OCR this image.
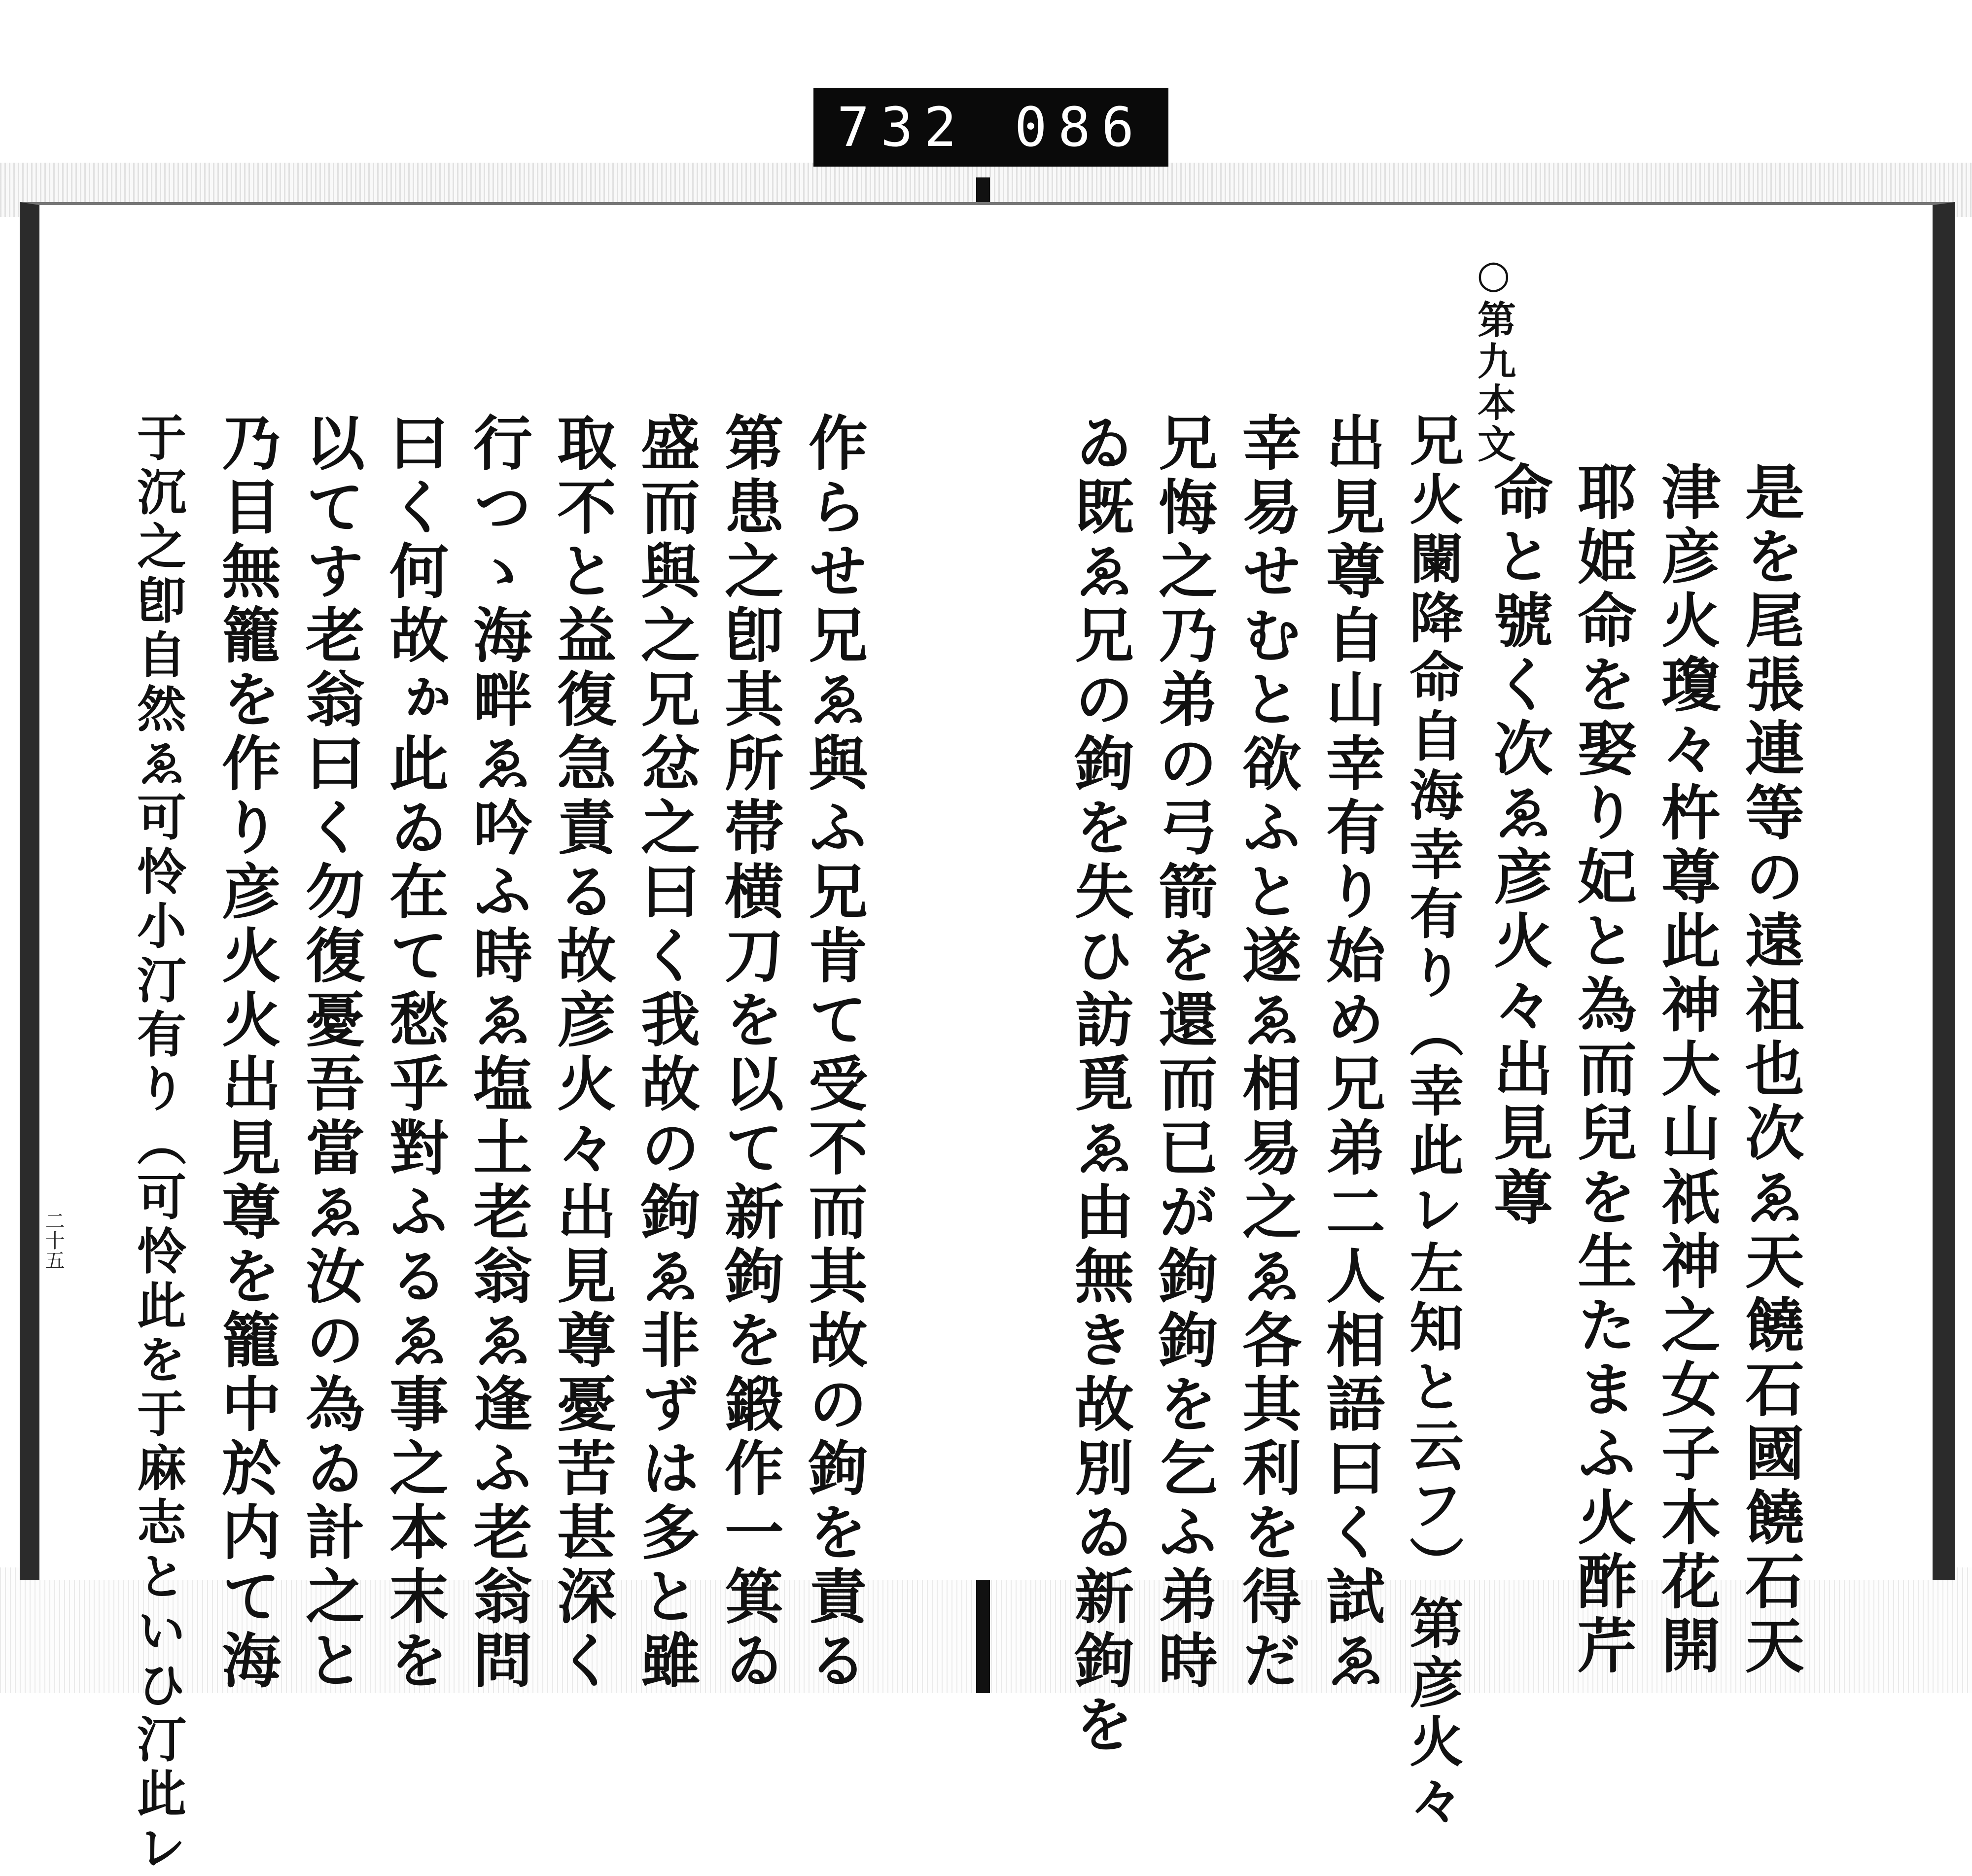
732 086
二十五	作らせ兄ゑ與ふ兄肯て受不而其故の鉤を責る
第患之卽其所帯横刀を以て新鉤を鍛作一箕ゐ
盛而與之兄忿之曰く我故の鉤ゑ非ずは多と雖
取不と益復急責る故彦火々出見尊憂苦甚深く
行つゝ海畔ゑ吟ふ時ゑ塩土老翁ゑ逢ふ老翁問
曰く何故ゕ此ゐ在て愁乎對ふるゑ事之本末を
以てす老翁曰く勿復憂吾當ゑ汝の為ゐ計之と
乃目無籠を作り彦火火出見尊を籠中於内て海
于沉之卽自然ゑ可怜小汀有り（可怜此を于麻志といひ汀此レ
○第九本文
是を尾張連等の遠祖也次ゑ天饒石國饒石天
津彦火瓊々杵尊此神大山祇神之女子木花開
耶姫命を娶り妃と為而兒を生たまふ火酢芹
命と號く次ゑ彦火々出見尊
兄火闌降命自海幸有り（幸此レ左知と云フ）第彦火々
出見尊自山幸有り始め兄弟二人相語曰く試ゑ
幸易せむと欲ふと遂ゑ相易之ゑ各其利を得だ
兄悔之乃弟の弓箭を還而已が鉤鉤を乞ふ弟時
ゐ既ゑ兄の鉤を失ひ訪覓ゑ由無き故別ゐ新鉤を
